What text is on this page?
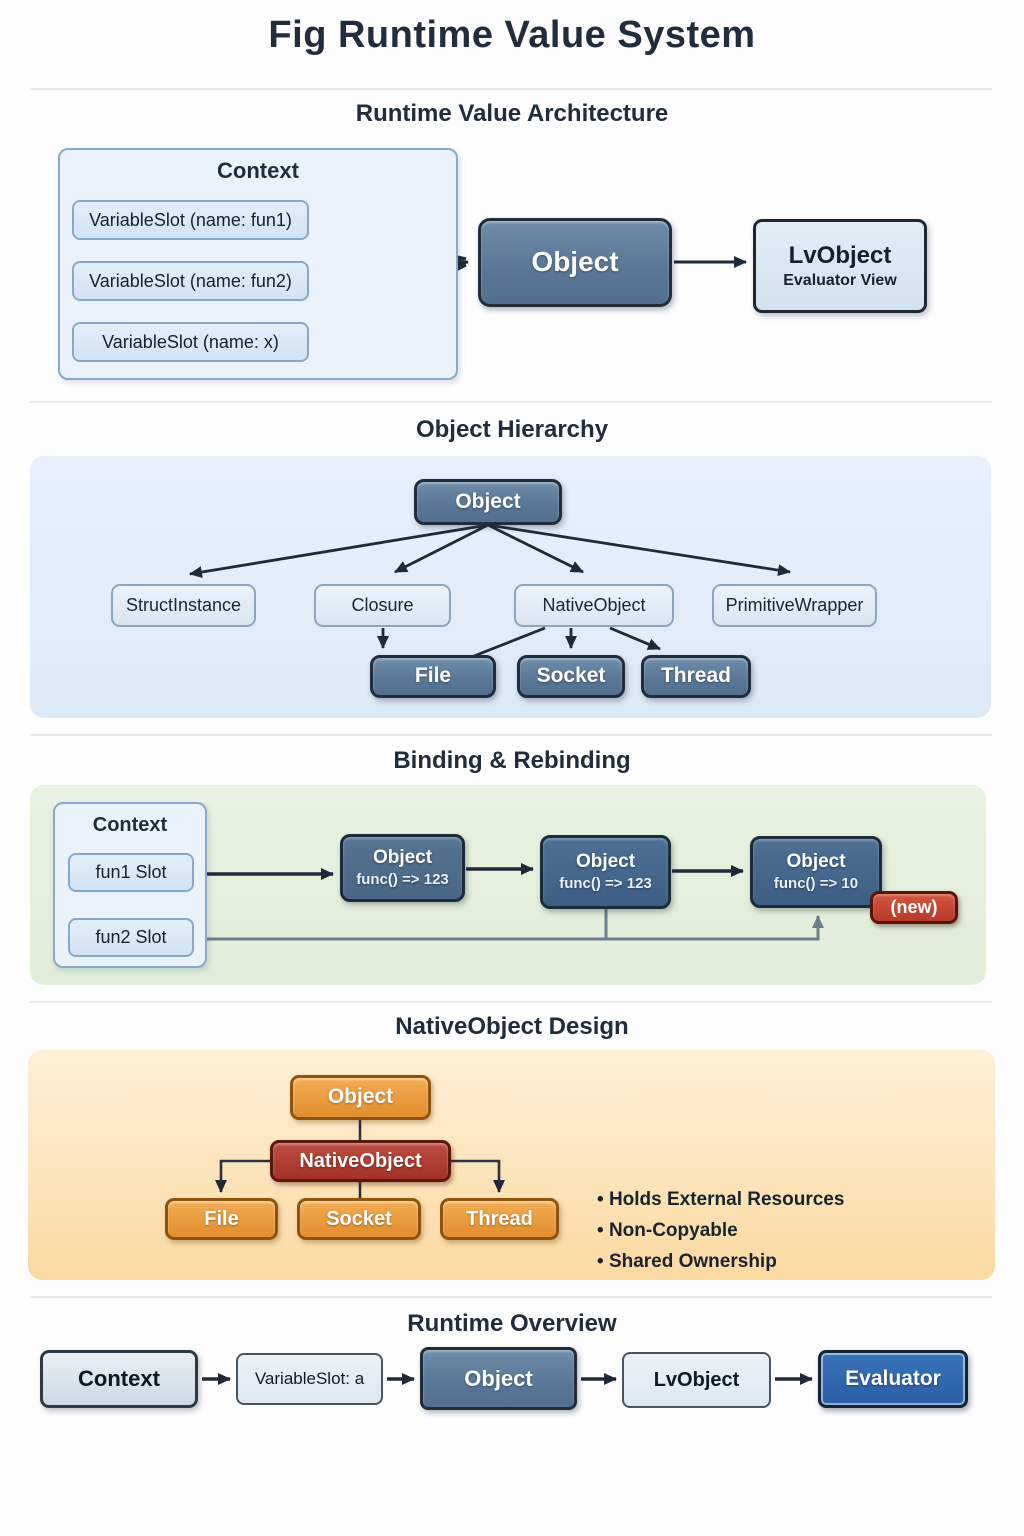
Fig Runtime Value System
Runtime Value Architecture
Object Hierarchy
Binding & Rebinding
NativeObject Design
Runtime Overview
Context
VariableSlot (name: fun1)
VariableSlot (name: fun2)
VariableSlot (name: x)
Object	LvObject
Evaluator View
Object
StructInstance	Closure	NativeObject	PrimitiveWrapper
File	Socket	Thread
Context
fun1 Slot
fun2 Slot
Object
func() => 123
Object
func() => 123
Object
func() => 10
(new)
Object
NativeObject
File	Socket	Thread
• Holds External Resources
• Non-Copyable
• Shared Ownership
Context	VariableSlot: a	Object	LvObject	Evaluator
